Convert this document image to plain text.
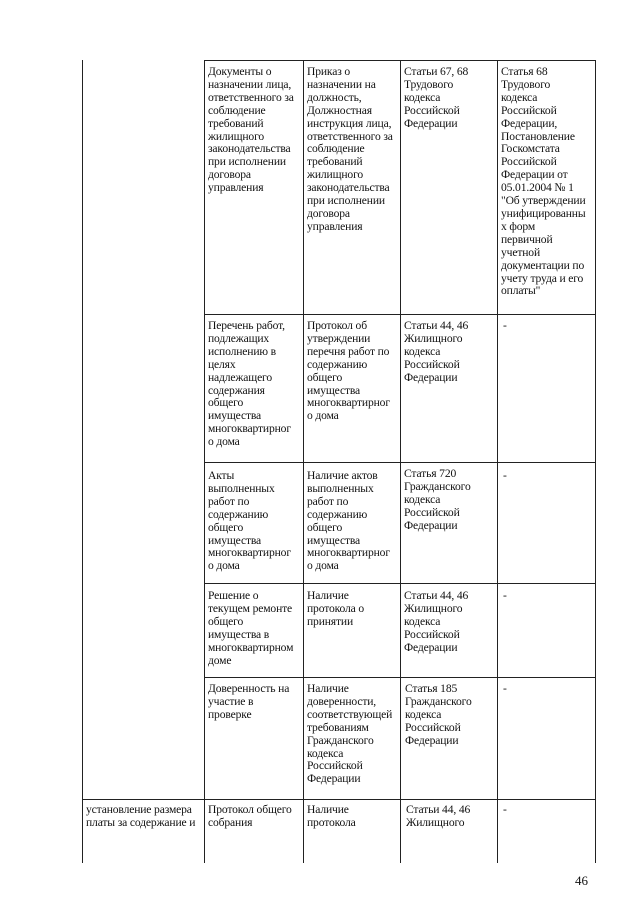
Документы о
назначении лица,
ответственного за
соблюдение
требований
жилищного
законодательства
при исполнении
договора
управления
Приказ о
назначении на
должность,
Должностная
инструкция лица,
ответственного за
соблюдение
требований
жилищного
законодательства
при исполнении
договора
управления
Статьи 67, 68
Трудового
кодекса
Российской
Федерации
Статья 68
Трудового
кодекса
Российской
Федерации,
Постановление
Госкомстата
Российской
Федерации от
05.01.2004 № 1
"Об утверждении
унифицированны
х форм
первичной
учетной
документации по
учету труда и его
оплаты"
Перечень работ,
подлежащих
исполнению в
целях
надлежащего
содержания
общего
имущества
многоквартирног
о дома
Протокол об
утверждении
перечня работ по
содержанию
общего
имущества
многоквартирног
о дома
Статьи 44, 46
Жилищного
кодекса
Российской
Федерации
-
Акты
выполненных
работ по
содержанию
общего
имущества
многоквартирног
о дома
Наличие актов
выполненных
работ по
содержанию
общего
имущества
многоквартирног
о дома
Статья 720
Гражданского
кодекса
Российской
Федерации
-
Решение о
текущем ремонте
общего
имущества в
многоквартирном
доме
Наличие
протокола о
принятии
Статьи 44, 46
Жилищного
кодекса
Российской
Федерации
-
Доверенность на
участие в
проверке
Наличие
доверенности,
соответствующей
требованиям
Гражданского
кодекса
Российской
Федерации
Статья 185
Гражданского
кодекса
Российской
Федерации
-
установление размера
платы за содержание и
Протокол общего
собрания
Наличие
протокола
Статьи 44, 46
Жилищного
-
46
